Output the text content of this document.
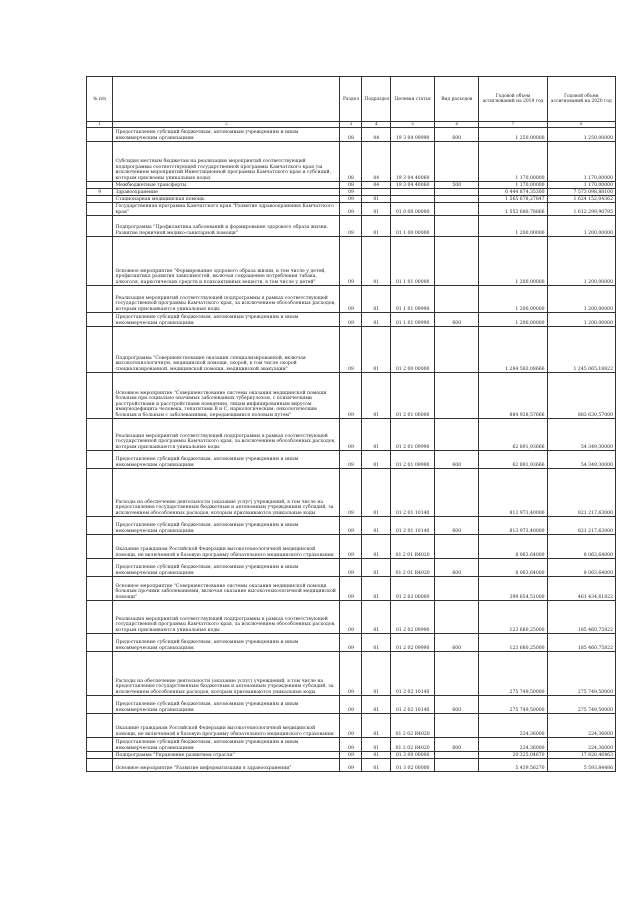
№ п/п		Раздел	Подраздел	Целевая статья	Вид расходов	Годовой объем ассигнований на 2019 год	Годовой объем ассигнований на 2020 год
1	2	3	4	5	6	7	8
	Предоставление субсидий бюджетным, автономным учреждениям и иным некоммерческим организациям	08	04	19 3 04 09990	600	1 250,00000	1 250,00000
	Субсидия местным бюджетам на реализацию мероприятий соответствующей подпрограммы соответствующей государственной программы Камчатского края (за исключением мероприятий Инвестиционной программы Камчатского края и субсидий, которым присвоены уникальные коды)	08	04	19 3 04 40060		1 170,00000	1 170,00000
	Межбюджетные трансферты	08	04	19 3 04 40060	500	1 170,00000	1 170,00000
9	Здравоохранение	09				6 444 874,35300	7 573 098,88100
	Стационарная медицинская помощь	09	01			1 565 678,27847	1 624 152,04362
	Государственная программа Камчатского края "Развитие здравоохранения Камчатского края"	09	01	01 0 00 00000		1 553 680,78866	1 612 299,90785
	Подпрограмма "Профилактика заболеваний и формирование здорового образа жизни. Развитие первичной медико-санитарной помощи"	09	01	01 1 00 00000		1 200,00000	1 200,00000
	Основное мероприятие "Формирование здорового образа жизни, в том числе у детей, профилактика развития зависимостей, включая сокращение потребления табака, алкоголя, наркотических средств и психоактивных веществ, в том числе у детей"	09	01	01 1 01 00000		1 200,00000	1 200,00000
	Реализация мероприятий соответствующей подпрограммы в рамках соответствующей государственной программы Камчатского края, за исключением обособленных расходов, которым присваиваются уникальные коды	09	01	01 1 01 09990		1 200,00000	1 200,00000
	Предоставление субсидий бюджетным, автономным учреждениям и иным некоммерческим организациям	09	01	01 1 01 09990	600	1 200,00000	1 200,00000
	Подпрограмма "Совершенствование оказания специализированной, включая высокотехнологичную, медицинской помощи, скорой, в том числе скорой специализированной, медицинской помощи, медицинской эвакуации"	09	01	01 2 00 00000		1 284 583,08666	1 245 065,18822
	Основное мероприятие "Совершенствование системы оказания медицинской помощи больным при социально-значимых заболеваниях туберкулезом, с психическими расстройствами и расстройствами поведения, лицам инфицированным вирусом иммунодефицита человека, гепатитами В и С, наркологическим, онкологическим больным и больным с заболеваниями, передающимися половым путем"	09	01	01 2 01 00000		884 928,57666	883 630,57000
	Реализация мероприятий соответствующей подпрограммы в рамках соответствующей государственной программы Камчатского края, за исключением обособленных расходов, которым присваиваются уникальные коды	09	01	01 2 01 09990		62 891,93666	54 349,30000
	Предоставление субсидий бюджетным, автономным учреждениям и иным некоммерческим организациям	09	01	01 2 01 09990	600	62 891,93666	54 349,30000
	Расходы на обеспечение деятельности (оказание услуг) учреждений, в том числе на предоставление государственным бюджетным и автономным учреждениям субсидий, за исключением обособленных расходов, которым присваиваются уникальные коды	09	01	01 2 01 10140		813 973,40000	821 217,63000
	Предоставление субсидий бюджетным, автономным учреждениям и иным некоммерческим организациям	09	01	01 2 01 10140	600	813 973,40000	821 217,63000
	Оказание гражданам Российской Федерации высокотехнологичной медицинской помощи, не включенной в базовую программу обязательного медицинского страхования	09	01	01 2 01 R4020		8 063,64000	8 063,64000
	Предоставление субсидий бюджетным, автономным учреждениям и иным некоммерческим организациям	09	01	01 2 01 R4020	600	8 063,64000	8 063,64000
	Основное мероприятие "Совершенствование системы оказания медицинской помощи больным прочими заболеваниями, включая оказание высокотехнологичной медицинской помощи"	09	01	01 2 02 00000		399 654,51000	461 434,61822
	Реализация мероприятий соответствующей подпрограммы в рамках соответствующей государственной программы Камчатского края, за исключением обособленных расходов, которым присваиваются уникальные коды	09	01	01 2 02 09990		123 680,25000	185 460,75822
	Предоставление субсидий бюджетным, автономным учреждениям и иным некоммерческим организациям	09	01	01 2 02 09990	600	123 680,25000	185 460,75822
	Расходы на обеспечение деятельности (оказание услуг) учреждений, в том числе на предоставление государственным бюджетным и автономным учреждениям субсидий, за исключением обособленных расходов, которым присваиваются уникальные коды	09	01	01 2 02 10140		275 749,50000	275 749,50000
	Предоставление субсидий бюджетным, автономным учреждениям и иным некоммерческим организациям	09	01	01 2 02 10140	600	275 749,50000	275 749,50000
	Оказание гражданам Российской Федерации высокотехнологичной медицинской помощи, не включенной в базовую программу обязательного медицинского страхования	09	01	01 2 02 R4020		224,36000	224,36000
	Предоставление субсидий бюджетным, автономным учреждениям и иным некоммерческим организациям	09	01	01 2 02 R4020	600	224,36000	224,36000
	Подпрограмма "Управление развитием отрасли"	09	01	01 3 00 00000		20 325,04670	17 820,46463
	Основное мероприятие "Развитие информатизации в здравоохранении"	09	01	01 3 02 00000		5 439,56270	5 593,84486
